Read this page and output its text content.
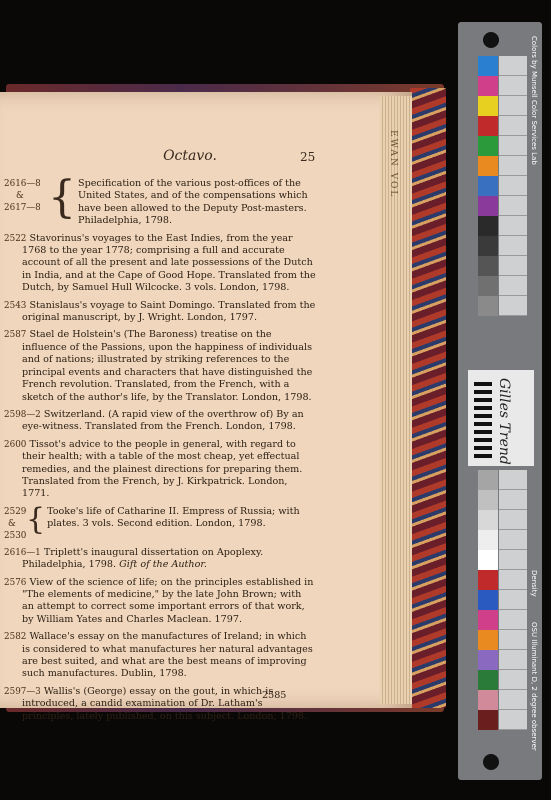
EWAN VOL
Octavo.	25
2616—8
&
2617—8 { Specification of the various post-offices of the United States, and of the compensations which have been allowed to the Deputy Post-masters. Philadelphia, 1798.
2522 Stavorinus's voyages to the East Indies, from the year 1768 to the year 1778; comprising a full and accurate account of all the present and late possessions of the Dutch in India, and at the Cape of Good Hope. Translated from the Dutch, by Samuel Hull Wilcocke. 3 vols. London, 1798.
2543 Stanislaus's voyage to Saint Domingo. Translated from the original manuscript, by J. Wright. London, 1797.
2587 Stael de Holstein's (The Baroness) treatise on the influence of the Passions, upon the happiness of individuals and of nations; illustrated by striking references to the principal events and characters that have distinguished the French revolution. Translated, from the French, with a sketch of the author's life, by the Translator. London, 1798.
2598—2 Switzerland. (A rapid view of the overthrow of) By an eye-witness. Translated from the French. London, 1798.
2600 Tissot's advice to the people in general, with regard to their health; with a table of the most cheap, yet effectual remedies, and the plainest directions for preparing them. Translated from the French, by J. Kirkpatrick. London, 1771.
2529
&
2530 { Tooke's life of Catharine II. Empress of Russia; with plates. 3 vols. Second edition. London, 1798.
2616—1 Triplett's inaugural dissertation on Apoplexy. Philadelphia, 1798. Gift of the Author.
2576 View of the science of life; on the principles established in "The elements of medicine," by the late John Brown; with an attempt to correct some important errors of that work, by William Yates and Charles Maclean. 1797.
2582 Wallace's essay on the manufactures of Ireland; in which is considered to what manufactures her natural advantages are best suited, and what are the best means of improving such manufactures. Dublin, 1798.
2597—3 Wallis's (George) essay on the gout, in which is introduced, a candid examination of Dr. Latham's principles, lately published, on this subject. London, 1798.
2585
Colors by Munsell Color Services Lab
Density
OSU Illuminant D, 2 degree observer
Gilles Trend
